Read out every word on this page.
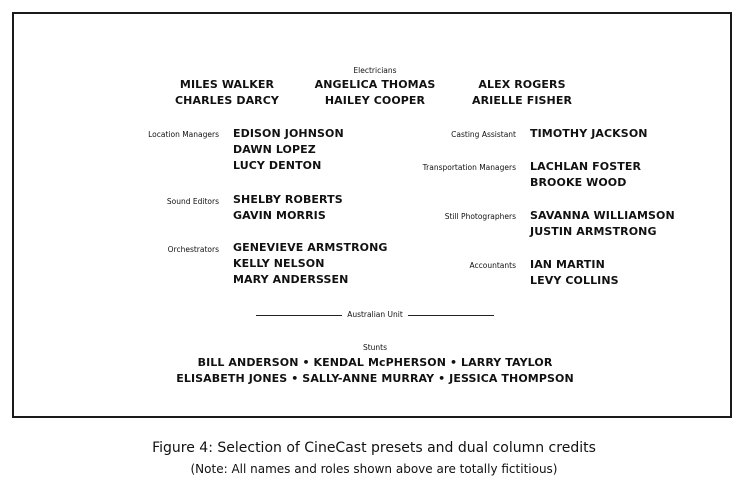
Electricians
MILES WALKER
CHARLES DARCY
ANGELICA THOMAS
HAILEY COOPER
ALEX ROGERS
ARIELLE FISHER
Location Managers EDISON JOHNSON
DAWN LOPEZ
LUCY DENTON
Sound Editors SHELBY ROBERTS
GAVIN MORRIS
Orchestrators GENEVIEVE ARMSTRONG
KELLY NELSON
MARY ANDERSSEN
Casting Assistant TIMOTHY JACKSON
Transportation Managers LACHLAN FOSTER
BROOKE WOOD
Still Photographers SAVANNA WILLIAMSON
JUSTIN ARMSTRONG
Accountants IAN MARTIN
LEVY COLLINS
Australian Unit
Stunts
BILL ANDERSON • KENDAL McPHERSON • LARRY TAYLOR
ELISABETH JONES • SALLY-ANNE MURRAY • JESSICA THOMPSON
Figure 4: Selection of CineCast presets and dual column credits
(Note: All names and roles shown above are totally fictitious)
